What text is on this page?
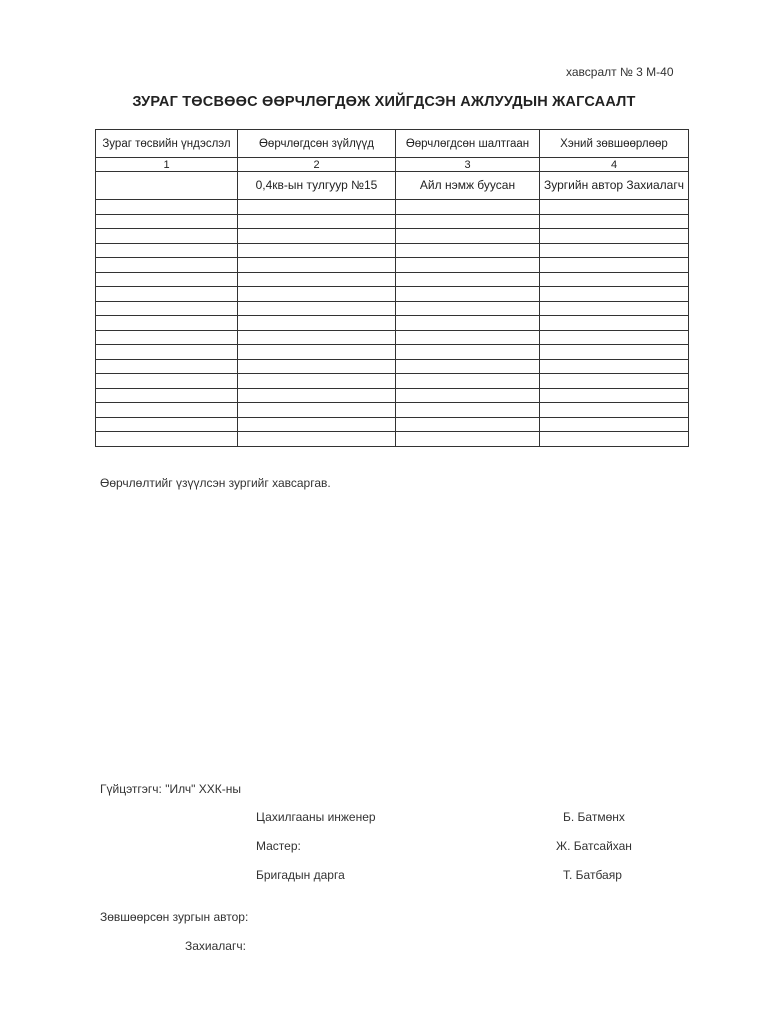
хавсралт № 3 М-40
ЗУРАГ ТӨСВӨӨС ӨӨРЧЛӨГДӨЖ ХИЙГДСЭН АЖЛУУДЫН ЖАГСААЛТ
Зураг төсвийн үндэслэл	Өөрчлөгдсөн зүйлүүд	Өөрчлөгдсөн шалтгаан	Хэний зөвшөөрлөөр
1	2	3	4
	0,4кв-ын тулгуур №15	Айл нэмж буусан	Зургийн автор Захиалагч

Өөрчлөлтийг үзүүлсэн зургийг хавсаргав.
Гүйцэтгэгч: "Илч" ХХК-ны
Цахилгааны инженер	Б. Батмөнх
Мастер:	Ж. Батсайхан
Бригадын дарга	Т. Батбаяр
Зөвшөөрсөн зургын автор:
Захиалагч:
